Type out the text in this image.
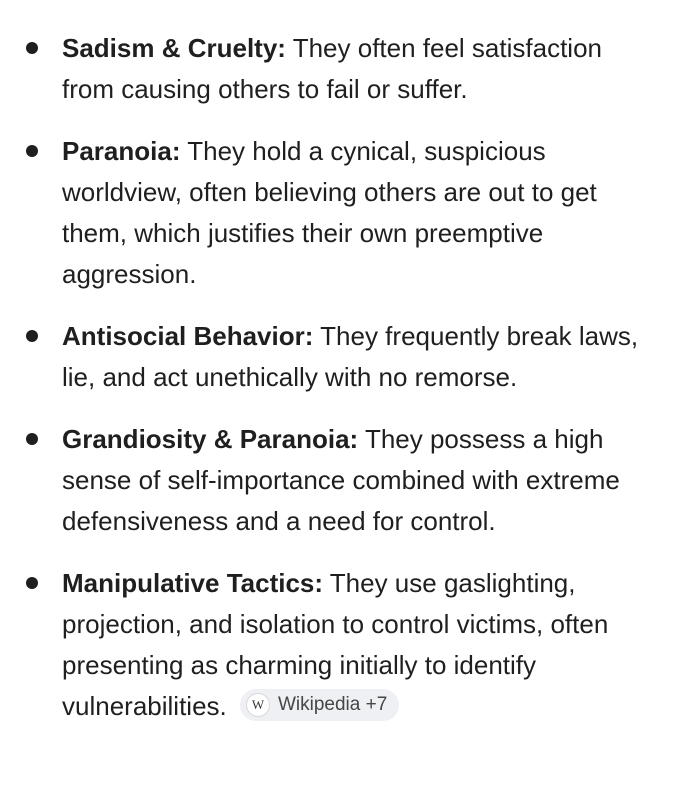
Sadism & Cruelty: They often feel satisfaction from causing others to fail or suffer.
Paranoia: They hold a cynical, suspicious worldview, often believing others are out to get them, which justifies their own preemptive aggression.
Antisocial Behavior: They frequently break laws, lie, and act unethically with no remorse.
Grandiosity & Paranoia: They possess a high sense of self-importance combined with extreme defensiveness and a need for control.
Manipulative Tactics: They use gaslighting, projection, and isolation to control victims, often presenting as charming initially to identify vulnerabilities.	W Wikipedia +7
